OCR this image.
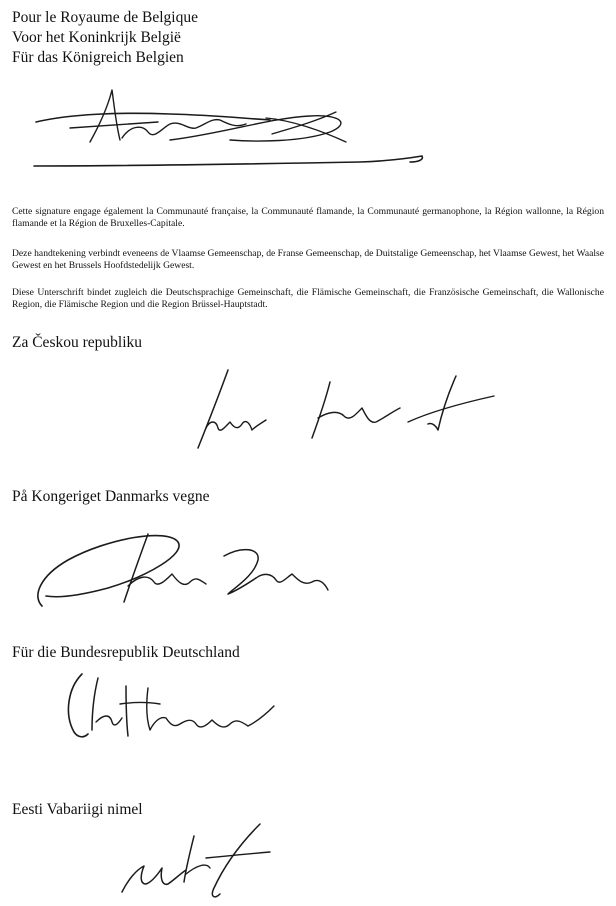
Pour le Royaume de Belgique
Voor het Koninkrijk België
Für das Königreich Belgien
Cette signature engage également la Communauté française, la Communauté flamande, la Communauté germanophone, la Région wallonne, la Région flamande et la Région de Bruxelles-Capitale.
Deze handtekening verbindt eveneens de Vlaamse Gemeenschap, de Franse Gemeenschap, de Duitstalige Gemeenschap, het Vlaamse Gewest, het Waalse Gewest en het Brussels Hoofdstedelijk Gewest.
Diese Unterschrift bindet zugleich die Deutschsprachige Gemeinschaft, die Flämische Gemeinschaft, die Französische Gemeinschaft, die Wallonische Region, die Flämische Region und die Region Brüssel-Hauptstadt.
Za Českou republiku
På Kongeriget Danmarks vegne
Für die Bundesrepublik Deutschland
Eesti Vabariigi nimel
